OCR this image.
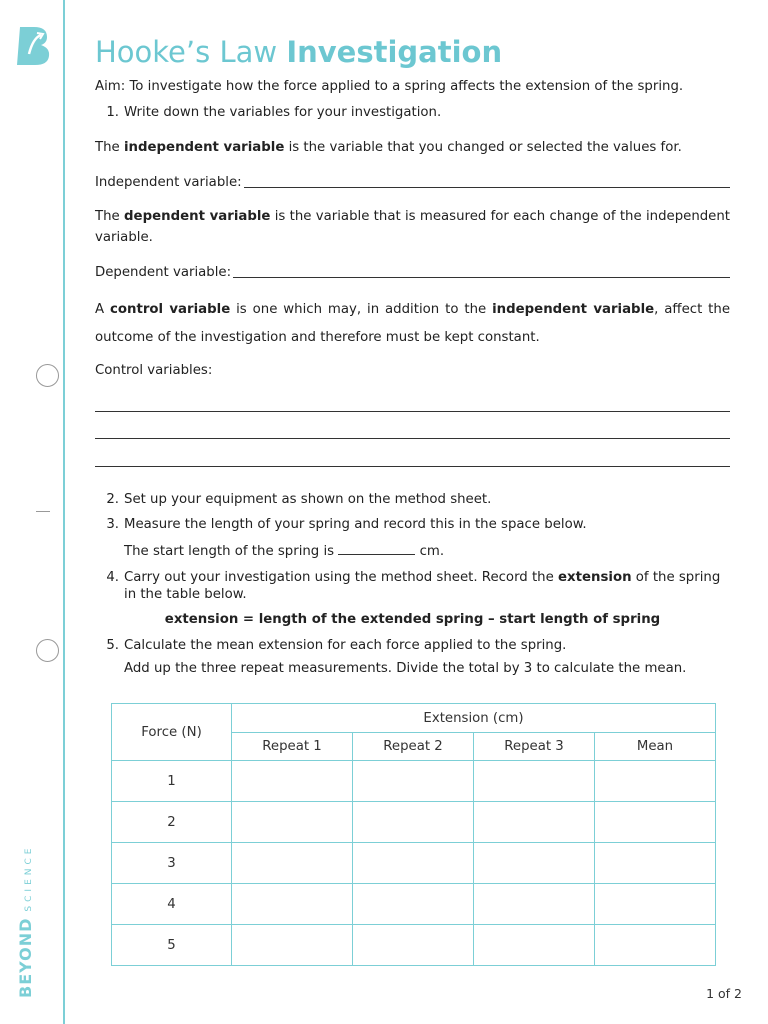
BEYONDSCIENCE
Hooke’s Law Investigation
Aim: To investigate how the force applied to a spring affects the extension of the spring.
1. Write down the variables for your investigation.
The independent variable is the variable that you changed or selected the values for.
Independent variable:
The dependent variable is the variable that is measured for each change of the independent variable.
Dependent variable:
A control variable is one which may, in addition to the independent variable, affect the outcome of the investigation and therefore must be kept constant.
Control variables:
2. Set up your equipment as shown on the method sheet.
3. Measure the length of your spring and record this in the space below.
The start length of the spring is	cm.
4. Carry out your investigation using the method sheet. Record the extension of the spring in the table below.
extension = length of the extended spring – start length of spring
5. Calculate the mean extension for each force applied to the spring.
Add up the three repeat measurements. Divide the total by 3 to calculate the mean.
Force (N)	Extension (cm)			
	Repeat 1	Repeat 2	Repeat 3	Mean
1				
2				
3				
4				
5				
1 of 2
